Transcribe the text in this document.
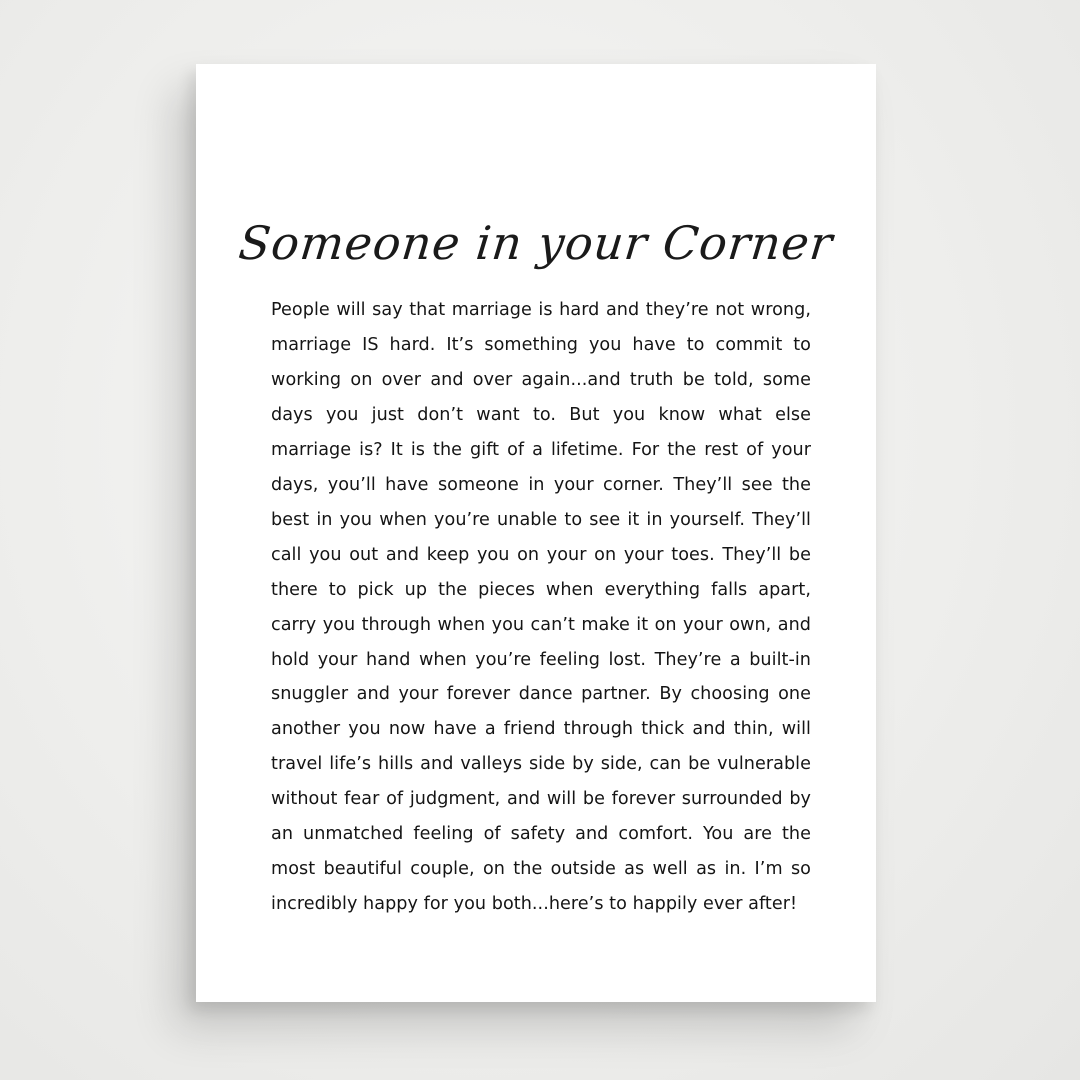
Someone in your Corner

People will say that marriage is hard and they’re not wrong, marriage IS hard. It’s something you have to commit to working on over and over again...and truth be told, some days you just don’t want to. But you know what else marriage is? It is the gift of a lifetime. For the rest of your days, you’ll have someone in your corner. They’ll see the best in you when you’re unable to see it in yourself. They’ll call you out and keep you on your on your toes. They’ll be there to pick up the pieces when everything falls apart, carry you through when you can’t make it on your own, and hold your hand when you’re feeling lost. They’re a built-in snuggler and your forever dance partner. By choosing one another you now have a friend through thick and thin, will travel life’s hills and valleys side by side, can be vulnerable without fear of judgment, and will be forever surrounded by an unmatched feeling of safety and comfort. You are the most beautiful couple, on the outside as well as in. I’m so incredibly happy for you both...here’s to happily ever after!
